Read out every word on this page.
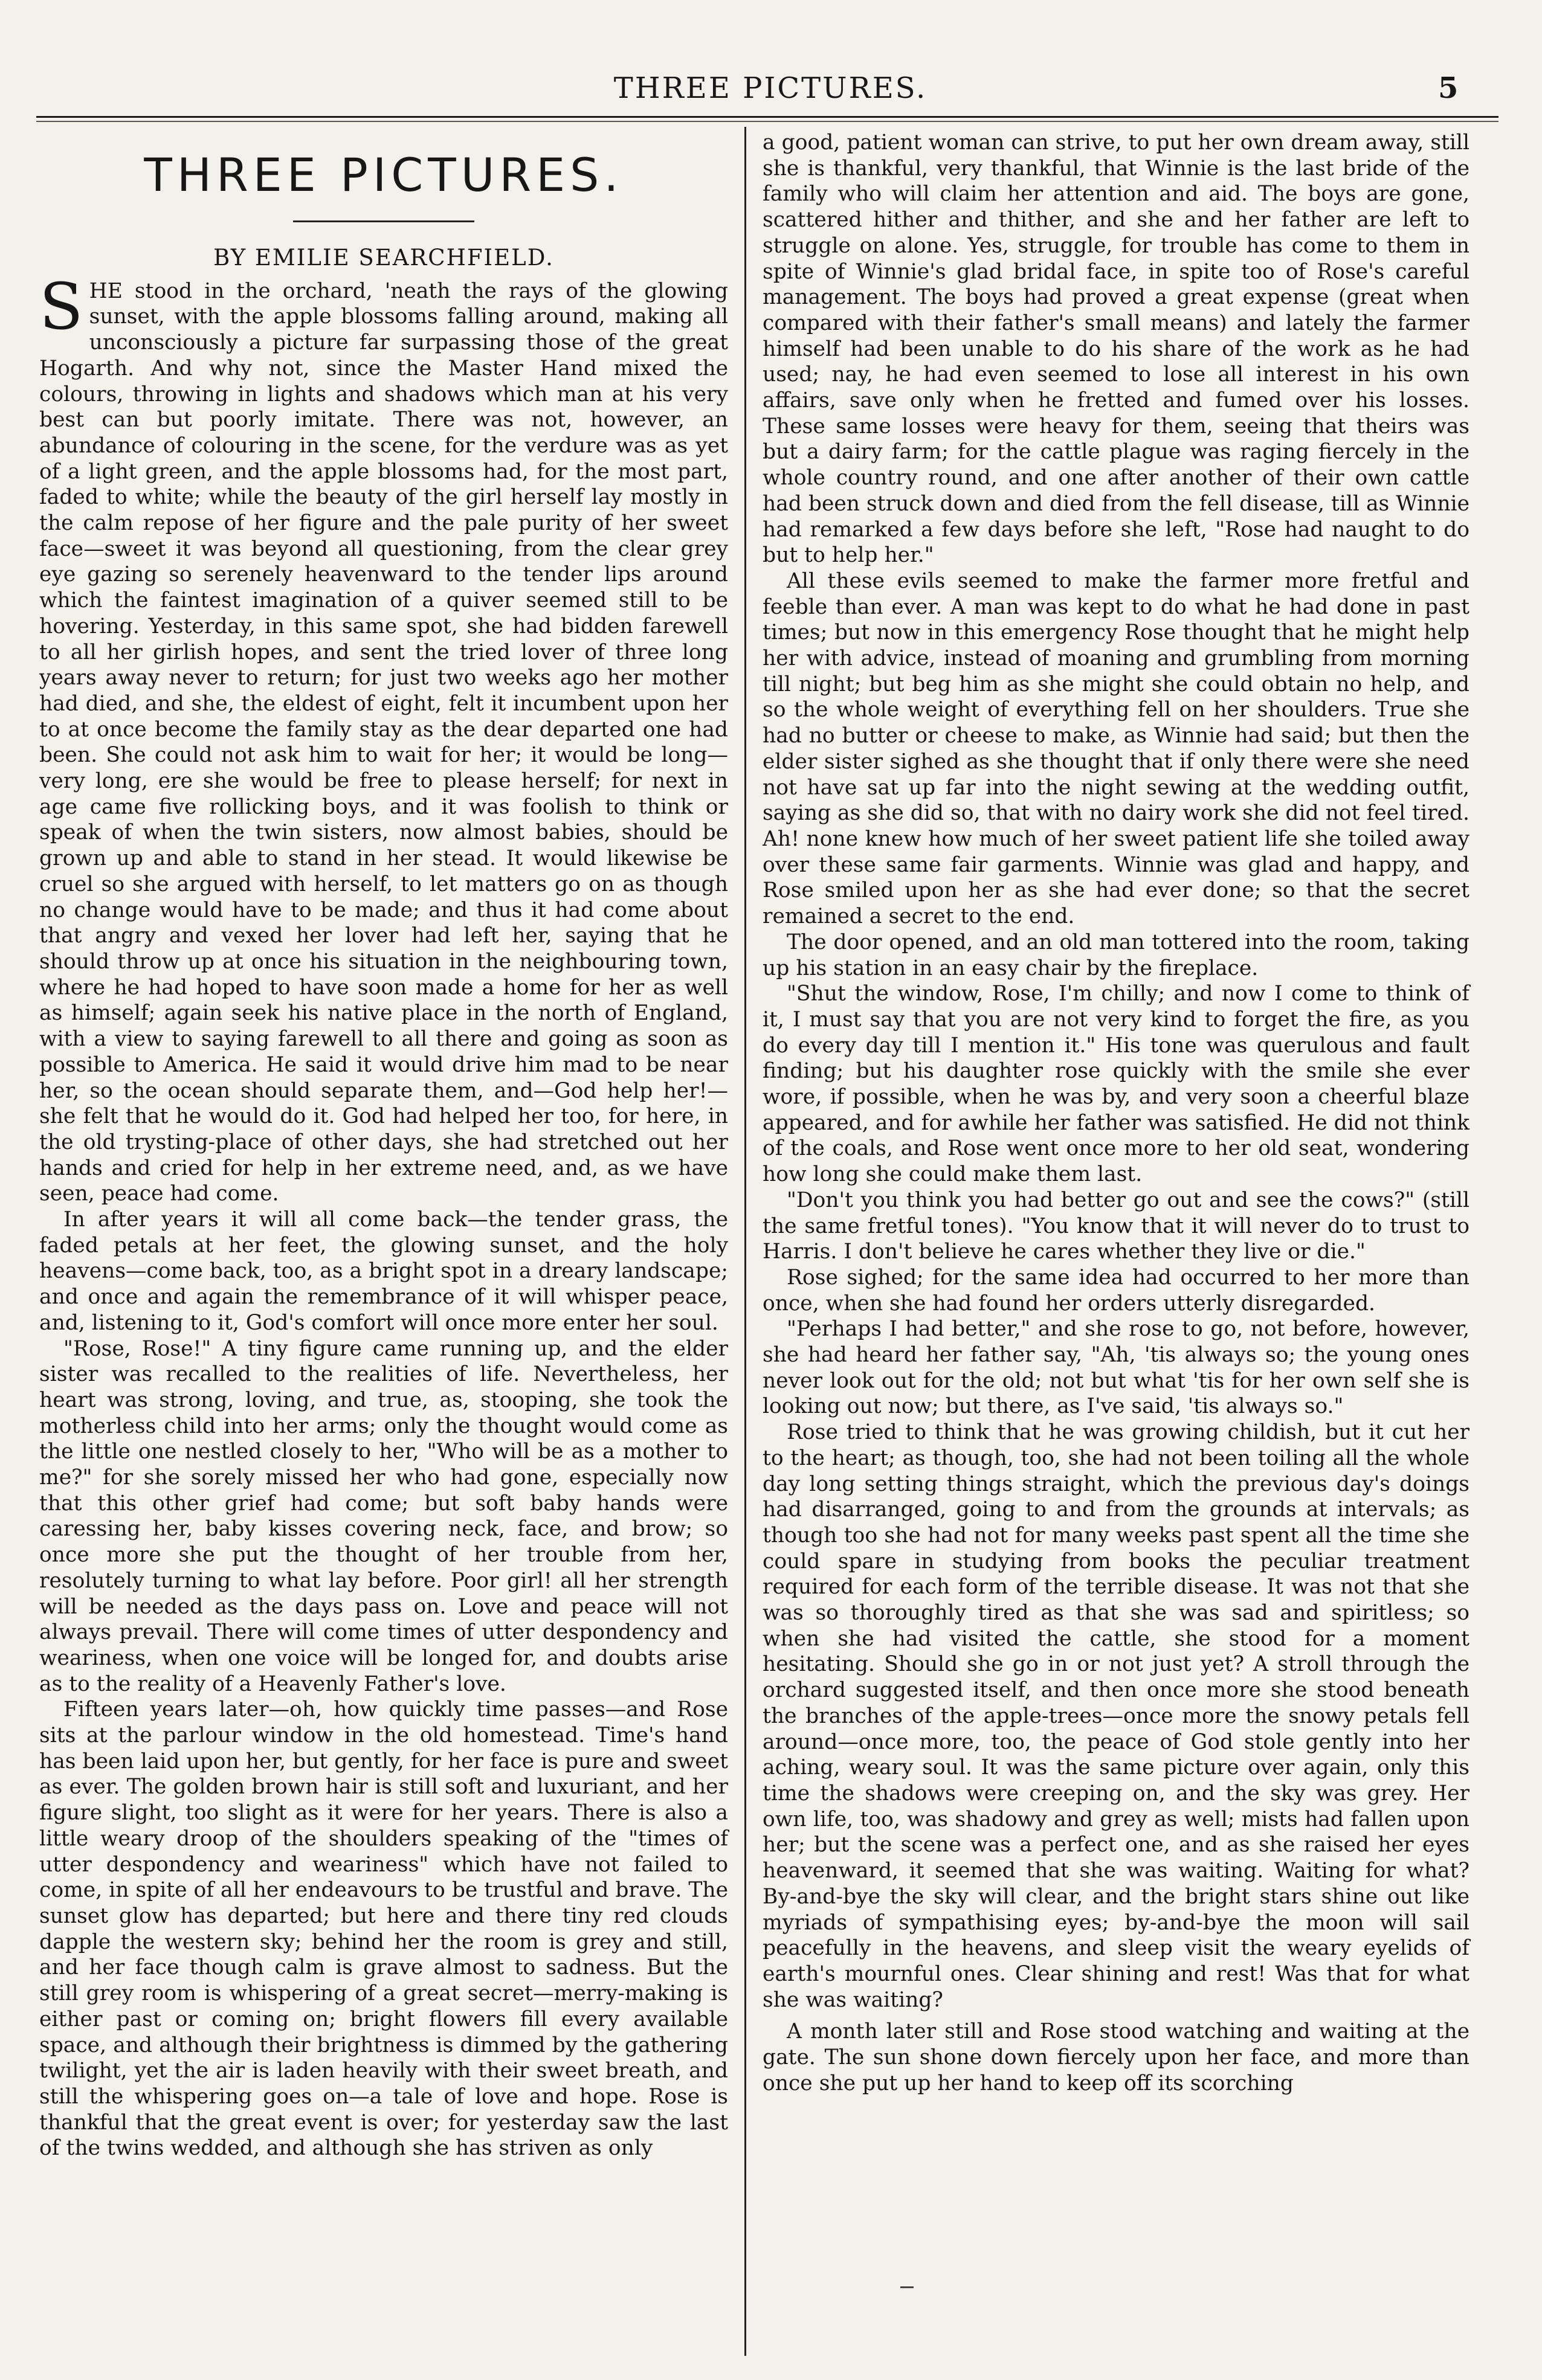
THREE PICTURES.	5
THREE PICTURES.
BY EMILIE SEARCHFIELD.

SHE stood in the orchard, 'neath the rays of the glowing sunset, with the apple blossoms falling around, making all unconsciously a picture far surpassing those of the great Hogarth. And why not, since the Master Hand mixed the colours, throwing in lights and shadows which man at his very best can but poorly imitate. There was not, however, an abundance of colouring in the scene, for the verdure was as yet of a light green, and the apple blossoms had, for the most part, faded to white; while the beauty of the girl herself lay mostly in the calm repose of her figure and the pale purity of her sweet face—sweet it was beyond all questioning, from the clear grey eye gazing so serenely heavenward to the tender lips around which the faintest imagination of a quiver seemed still to be hovering. Yesterday, in this same spot, she had bidden farewell to all her girlish hopes, and sent the tried lover of three long years away never to return; for just two weeks ago her mother had died, and she, the eldest of eight, felt it incumbent upon her to at once become the family stay as the dear departed one had been. She could not ask him to wait for her; it would be long—very long, ere she would be free to please herself; for next in age came five rollicking boys, and it was foolish to think or speak of when the twin sisters, now almost babies, should be grown up and able to stand in her stead. It would likewise be cruel so she argued with herself, to let matters go on as though no change would have to be made; and thus it had come about that angry and vexed her lover had left her, saying that he should throw up at once his situation in the neighbouring town, where he had hoped to have soon made a home for her as well as himself; again seek his native place in the north of England, with a view to saying farewell to all there and going as soon as possible to America. He said it would drive him mad to be near her, so the ocean should separate them, and—God help her!—she felt that he would do it. God had helped her too, for here, in the old trysting-place of other days, she had stretched out her hands and cried for help in her extreme need, and, as we have seen, peace had come.

In after years it will all come back—the tender grass, the faded petals at her feet, the glowing sunset, and the holy heavens—come back, too, as a bright spot in a dreary landscape; and once and again the remembrance of it will whisper peace, and, listening to it, God's comfort will once more enter her soul.

"Rose, Rose!" A tiny figure came running up, and the elder sister was recalled to the realities of life. Nevertheless, her heart was strong, loving, and true, as, stooping, she took the motherless child into her arms; only the thought would come as the little one nestled closely to her, "Who will be as a mother to me?" for she sorely missed her who had gone, especially now that this other grief had come; but soft baby hands were caressing her, baby kisses covering neck, face, and brow; so once more she put the thought of her trouble from her, resolutely turning to what lay before. Poor girl! all her strength will be needed as the days pass on. Love and peace will not always prevail. There will come times of utter despondency and weariness, when one voice will be longed for, and doubts arise as to the reality of a Heavenly Father's love.

Fifteen years later—oh, how quickly time passes—and Rose sits at the parlour window in the old homestead. Time's hand has been laid upon her, but gently, for her face is pure and sweet as ever. The golden brown hair is still soft and luxuriant, and her figure slight, too slight as it were for her years. There is also a little weary droop of the shoulders speaking of the "times of utter despondency and weariness" which have not failed to come, in spite of all her endeavours to be trustful and brave. The sunset glow has departed; but here and there tiny red clouds dapple the western sky; behind her the room is grey and still, and her face though calm is grave almost to sadness. But the still grey room is whispering of a great secret—merry-making is either past or coming on; bright flowers fill every available space, and although their brightness is dimmed by the gathering twilight, yet the air is laden heavily with their sweet breath, and still the whispering goes on—a tale of love and hope. Rose is thankful that the great event is over; for yesterday saw the last of the twins wedded, and although she has striven as only

a good, patient woman can strive, to put her own dream away, still she is thankful, very thankful, that Winnie is the last bride of the family who will claim her attention and aid. The boys are gone, scattered hither and thither, and she and her father are left to struggle on alone. Yes, struggle, for trouble has come to them in spite of Winnie's glad bridal face, in spite too of Rose's careful management. The boys had proved a great expense (great when compared with their father's small means) and lately the farmer himself had been unable to do his share of the work as he had used; nay, he had even seemed to lose all interest in his own affairs, save only when he fretted and fumed over his losses. These same losses were heavy for them, seeing that theirs was but a dairy farm; for the cattle plague was raging fiercely in the whole country round, and one after another of their own cattle had been struck down and died from the fell disease, till as Winnie had remarked a few days before she left, "Rose had naught to do but to help her."

All these evils seemed to make the farmer more fretful and feeble than ever. A man was kept to do what he had done in past times; but now in this emergency Rose thought that he might help her with advice, instead of moaning and grumbling from morning till night; but beg him as she might she could obtain no help, and so the whole weight of everything fell on her shoulders. True she had no butter or cheese to make, as Winnie had said; but then the elder sister sighed as she thought that if only there were she need not have sat up far into the night sewing at the wedding outfit, saying as she did so, that with no dairy work she did not feel tired. Ah! none knew how much of her sweet patient life she toiled away over these same fair garments. Winnie was glad and happy, and Rose smiled upon her as she had ever done; so that the secret remained a secret to the end.

The door opened, and an old man tottered into the room, taking up his station in an easy chair by the fireplace.

"Shut the window, Rose, I'm chilly; and now I come to think of it, I must say that you are not very kind to forget the fire, as you do every day till I mention it." His tone was querulous and fault finding; but his daughter rose quickly with the smile she ever wore, if possible, when he was by, and very soon a cheerful blaze appeared, and for awhile her father was satisfied. He did not think of the coals, and Rose went once more to her old seat, wondering how long she could make them last.

"Don't you think you had better go out and see the cows?" (still the same fretful tones). "You know that it will never do to trust to Harris. I don't believe he cares whether they live or die."

Rose sighed; for the same idea had occurred to her more than once, when she had found her orders utterly disregarded.

"Perhaps I had better," and she rose to go, not before, however, she had heard her father say, "Ah, 'tis always so; the young ones never look out for the old; not but what 'tis for her own self she is looking out now; but there, as I've said, 'tis always so."

Rose tried to think that he was growing childish, but it cut her to the heart; as though, too, she had not been toiling all the whole day long setting things straight, which the previous day's doings had disarranged, going to and from the grounds at intervals; as though too she had not for many weeks past spent all the time she could spare in studying from books the peculiar treatment required for each form of the terrible disease. It was not that she was so thoroughly tired as that she was sad and spiritless; so when she had visited the cattle, she stood for a moment hesitating. Should she go in or not just yet? A stroll through the orchard suggested itself, and then once more she stood beneath the branches of the apple-trees—once more the snowy petals fell around—once more, too, the peace of God stole gently into her aching, weary soul. It was the same picture over again, only this time the shadows were creeping on, and the sky was grey. Her own life, too, was shadowy and grey as well; mists had fallen upon her; but the scene was a perfect one, and as she raised her eyes heavenward, it seemed that she was waiting. Waiting for what? By-and-bye the sky will clear, and the bright stars shine out like myriads of sympathising eyes; by-and-bye the moon will sail peacefully in the heavens, and sleep visit the weary eyelids of earth's mournful ones. Clear shining and rest! Was that for what she was waiting?

A month later still and Rose stood watching and waiting at the gate. The sun shone down fiercely upon her face, and more than once she put up her hand to keep off its scorching
